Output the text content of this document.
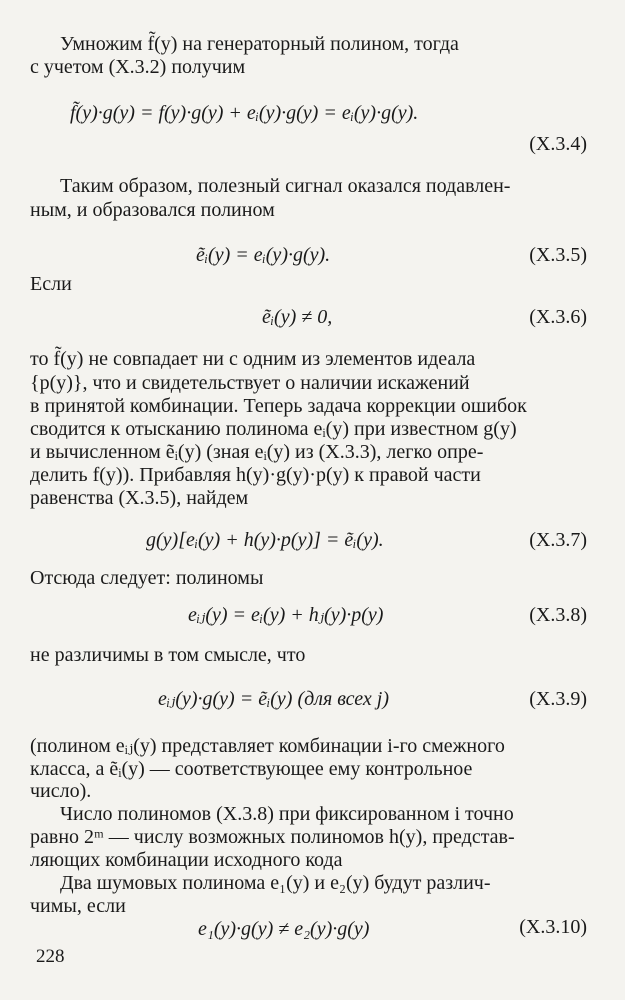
Умножим f̃(y) на генераторный полином, тогда
с учетом (X.3.2) получим
f̃(y)·g(y) = f(y)·g(y) + eᵢ(y)·g(y) = eᵢ(y)·g(y).
(X.3.4)
Таким образом, полезный сигнал оказался подавлен-
ным, и образовался полином
ẽᵢ(y) = eᵢ(y)·g(y).	(X.3.5)
Если
ẽᵢ(y) ≠ 0,	(X.3.6)
то f̃(y) не совпадает ни с одним из элементов идеала
{p(y)}, что и свидетельствует о наличии искажений
в принятой комбинации. Теперь задача коррекции ошибок
сводится к отысканию полинома eᵢ(y) при известном g(y)
и вычисленном ẽᵢ(y) (зная eᵢ(y) из (X.3.3), легко опре-
делить f(y)). Прибавляя h(y)·g(y)·p(y) к правой части
равенства (X.3.5), найдем
g(y)[eᵢ(y) + h(y)·p(y)] = ẽᵢ(y).	(X.3.7)
Отсюда следует: полиномы
eᵢⱼ(y) = eᵢ(y) + hⱼ(y)·p(y)	(X.3.8)
не различимы в том смысле, что
eᵢⱼ(y)·g(y) = ẽᵢ(y) (для всех j)	(X.3.9)
(полином eᵢⱼ(y) представляет комбинации i-го смежного
класса, а ẽᵢ(y) — соответствующее ему контрольное
число).
Число полиномов (X.3.8) при фиксированном i точно
равно 2ᵐ — числу возможных полиномов h(y), представ-
ляющих комбинации исходного кода
Два шумовых полинома e₁(y) и e₂(y) будут различ-
чимы, если
e₁(y)·g(y) ≠ e₂(y)·g(y)	(X.3.10)
228
